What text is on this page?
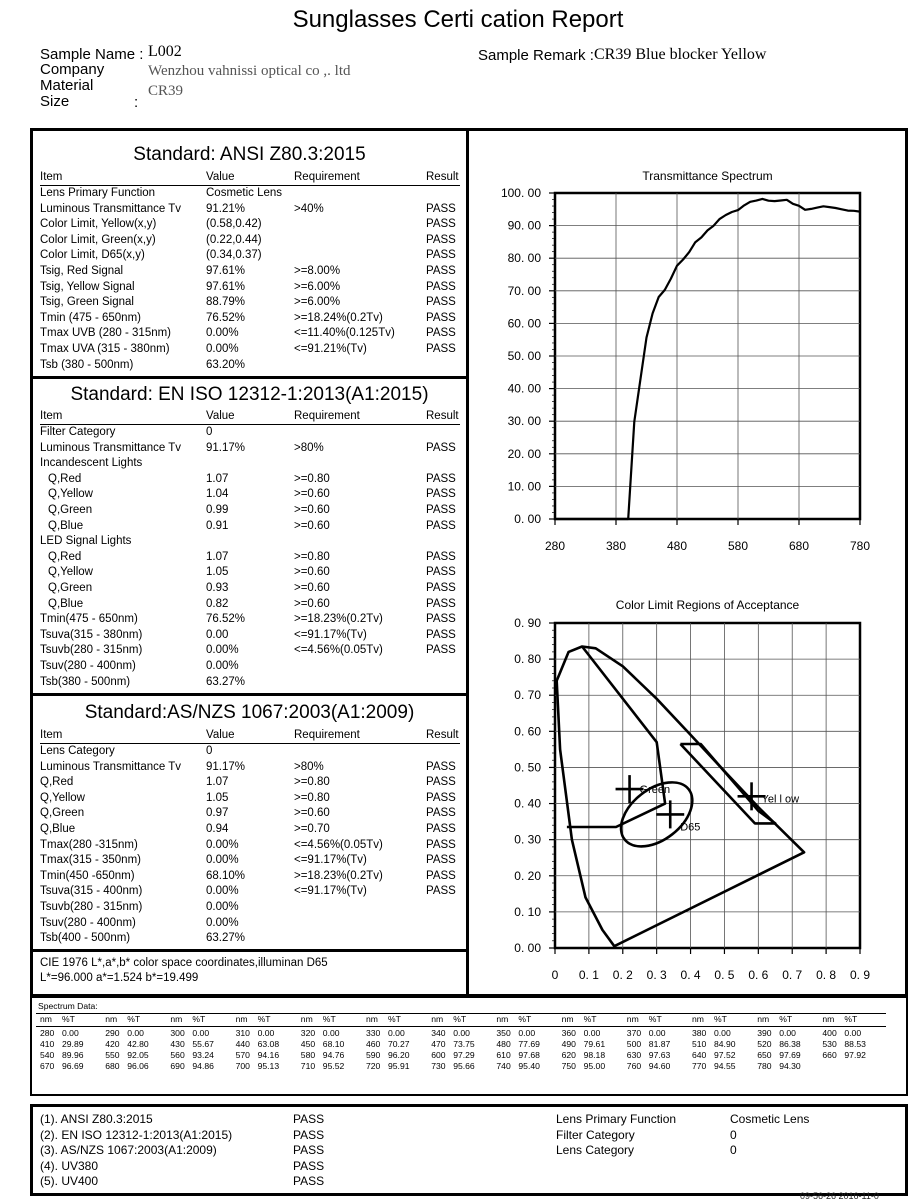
Sunglasses Certi cation Report
Sample Name : L002
Company	Wenzhou vahnissi optical co ,. ltd
Material	CR39
Size	:
Sample Remark : CR39 Blue blocker Yellow
Standard: ANSI Z80.3:2015
Item	Value	Requirement	Result
Lens Primary Function	Cosmetic Lens
Luminous Transmittance Tv 91.21%	>40%	PASS
Color Limit, Yellow(x,y)	(0.58,0.42)	PASS
Color Limit, Green(x,y)	(0.22,0.44)	PASS
Color Limit, D65(x,y)	(0.34,0.37)	PASS
Tsig, Red Signal	97.61%	>=8.00%	PASS
Tsig, Yellow Signal	97.61%	>=6.00%	PASS
Tsig, Green Signal	88.79%	>=6.00%	PASS
Tmin (475 - 650nm)	76.52%	>=18.24%(0.2Tv)	PASS
Tmax UVB (280 - 315nm)	0.00%	<=11.40%(0.125Tv)	PASS
Tmax UVA (315 - 380nm)	0.00%	<=91.21%(Tv)	PASS
Tsb (380 - 500nm)	63.20%
Standard: EN ISO 12312-1:2013(A1:2015)
Item	Value	Requirement	Result
Filter Category	0
Luminous Transmittance Tv 91.17%	>80%	PASS
Incandescent Lights
Q,Red	1.07	>=0.80	PASS
Q,Yellow	1.04	>=0.60	PASS
Q,Green	0.99	>=0.60	PASS
Q,Blue	0.91	>=0.60	PASS
LED Signal Lights
Q,Red	1.07	>=0.80	PASS
Q,Yellow	1.05	>=0.60	PASS
Q,Green	0.93	>=0.60	PASS
Q,Blue	0.82	>=0.60	PASS
Tmin(475 - 650nm)	76.52%	>=18.23%(0.2Tv)	PASS
Tsuva(315 - 380nm)	0.00	<=91.17%(Tv)	PASS
Tsuvb(280 - 315nm)	0.00%	<=4.56%(0.05Tv)	PASS
Tsuv(280 - 400nm)	0.00%
Tsb(380 - 500nm)	63.27%
Standard:AS/NZS 1067:2003(A1:2009)
Item	Value	Requirement	Result
Lens Category	0
Luminous Transmittance Tv 91.17%	>80%	PASS
Q,Red	1.07	>=0.80	PASS
Q,Yellow	1.05	>=0.80	PASS
Q,Green	0.97	>=0.60	PASS
Q,Blue	0.94	>=0.70	PASS
Tmax(280 -315nm)	0.00%	<=4.56%(0.05Tv)	PASS
Tmax(315 - 350nm)	0.00%	<=91.17%(Tv)	PASS
Tmin(450 -650nm)	68.10%	>=18.23%(0.2Tv)	PASS
Tsuva(315 - 400nm)	0.00%	<=91.17%(Tv)	PASS
Tsuvb(280 - 315nm)	0.00%
Tsuv(280 - 400nm)	0.00%
Tsb(400 - 500nm)	63.27%
CIE 1976 L*,a*,b* color space coordinates,illuminan D65
L*=96.000 a*=1.524 b*=19.499
Transmittance Spectrum
280	380	480	580	680	780
0. 00
10. 00
20. 00
30. 00
40. 00
50. 00
60. 00
70. 00
80. 00
90. 00
100. 00
Color Limit Regions of Acceptance
0 0. 1 0. 2 0. 3 0. 4 0. 5 0. 6 0. 7 0. 8 0. 9
0. 00
0. 10
0. 20
0. 30
0. 40
0. 50
0. 60
0. 70
0. 80
0. 90
Green
D65
Yel l ow
Spectrum Data:
nm %T	nm %T	nm %T	nm %T	nm %T	nm %T	nm %T	nm %T	nm %T	nm %T	nm %T	nm %T	nm %T
280 0.00	290 0.00	300 0.00	310 0.00	320 0.00	330 0.00	340 0.00	350 0.00	360 0.00	370 0.00	380 0.00	390 0.00	400 0.00
410 29.89	420 42.80	430 55.67	440 63.08	450 68.10	460 70.27	470 73.75	480 77.69	490 79.61	500 81.87	510 84.90	520 86.38	530 88.53
540 89.96	550 92.05	560 93.24	570 94.16	580 94.76	590 96.20	600 97.29	610 97.68	620 98.18	630 97.63	640 97.52	650 97.69	660 97.92
670 96.69	680 96.06	690 94.86	700 95.13	710 95.52	720 95.91	730 95.66	740 95.40	750 95.00	760 94.60	770 94.55	780 94.30
(1). ANSI Z80.3:2015	PASS
(2). EN ISO 12312-1:2013(A1:2015)	PASS
(3). AS/NZS 1067:2003(A1:2009)	PASS
(4). UV380	PASS
(5). UV400	PASS
Lens Primary Function	Cosmetic Lens
Filter Category	0
Lens Category	0
09-56-26 2016-11-0
